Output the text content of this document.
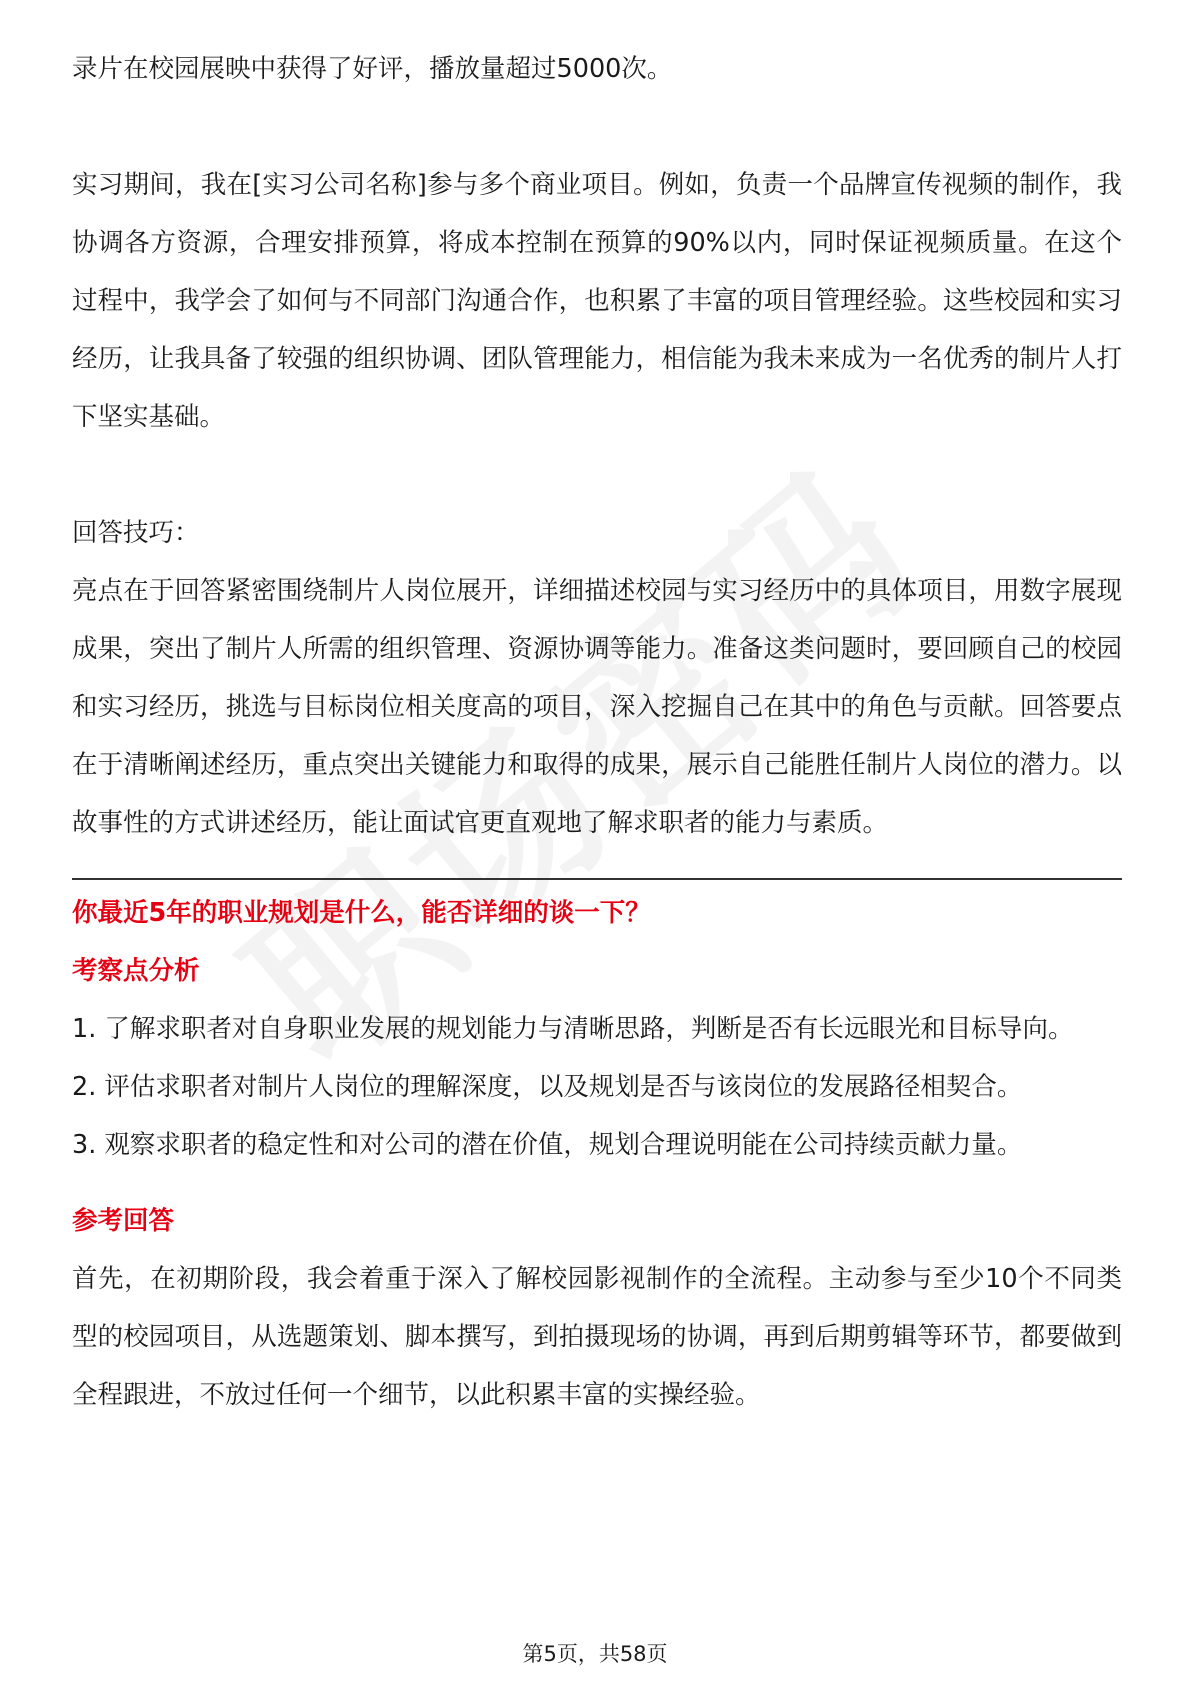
录片在校园展映中获得了好评，播放量超过5000次。

实习期间，我在[实习公司名称]参与多个商业项目。例如，负责一个品牌宣传视频的制作，我协调各方资源，合理安排预算，将成本控制在预算的90%以内，同时保证视频质量。在这个过程中，我学会了如何与不同部门沟通合作，也积累了丰富的项目管理经验。这些校园和实习经历，让我具备了较强的组织协调、团队管理能力，相信能为我未来成为一名优秀的制片人打下坚实基础。

回答技巧：

亮点在于回答紧密围绕制片人岗位展开，详细描述校园与实习经历中的具体项目，用数字展现成果，突出了制片人所需的组织管理、资源协调等能力。准备这类问题时，要回顾自己的校园和实习经历，挑选与目标岗位相关度高的项目，深入挖掘自己在其中的角色与贡献。回答要点在于清晰阐述经历，重点突出关键能力和取得的成果，展示自己能胜任制片人岗位的潜力。以故事性的方式讲述经历，能让面试官更直观地了解求职者的能力与素质。

你最近5年的职业规划是什么，能否详细的谈一下？

考察点分析

1. 了解求职者对自身职业发展的规划能力与清晰思路，判断是否有长远眼光和目标导向。

2. 评估求职者对制片人岗位的理解深度，以及规划是否与该岗位的发展路径相契合。

3. 观察求职者的稳定性和对公司的潜在价值，规划合理说明能在公司持续贡献力量。

参考回答

首先，在初期阶段，我会着重于深入了解校园影视制作的全流程。主动参与至少10个不同类型的校园项目，从选题策划、脚本撰写，到拍摄现场的协调，再到后期剪辑等环节，都要做到全程跟进，不放过任何一个细节，以此积累丰富的实操经验。

第5页，共58页
